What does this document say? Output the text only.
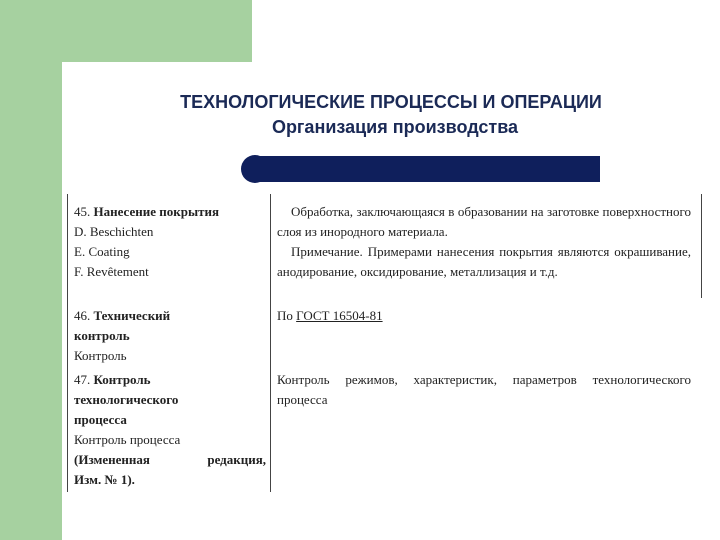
ТЕХНОЛОГИЧЕСКИЕ ПРОЦЕССЫ И ОПЕРАЦИИ
Организация производства
45. Нанесение покрытия
D. Beschichten
E. Coating
F. Revêtement

Обработка, заключающаяся в образовании на заготовке поверхностного слоя из инородного материала.

Примечание. Примерами нанесения покрытия являются окрашивание, анодирование, оксидирование, металлизация и т.д.

46. Технический
контроль
Контроль

По ГОСТ 16504-81

47. Контроль
технологического
процесса
Контроль процесса
(Измененная редакция,
Изм. № 1).

Контроль режимов, характеристик, параметров технологического процесса
